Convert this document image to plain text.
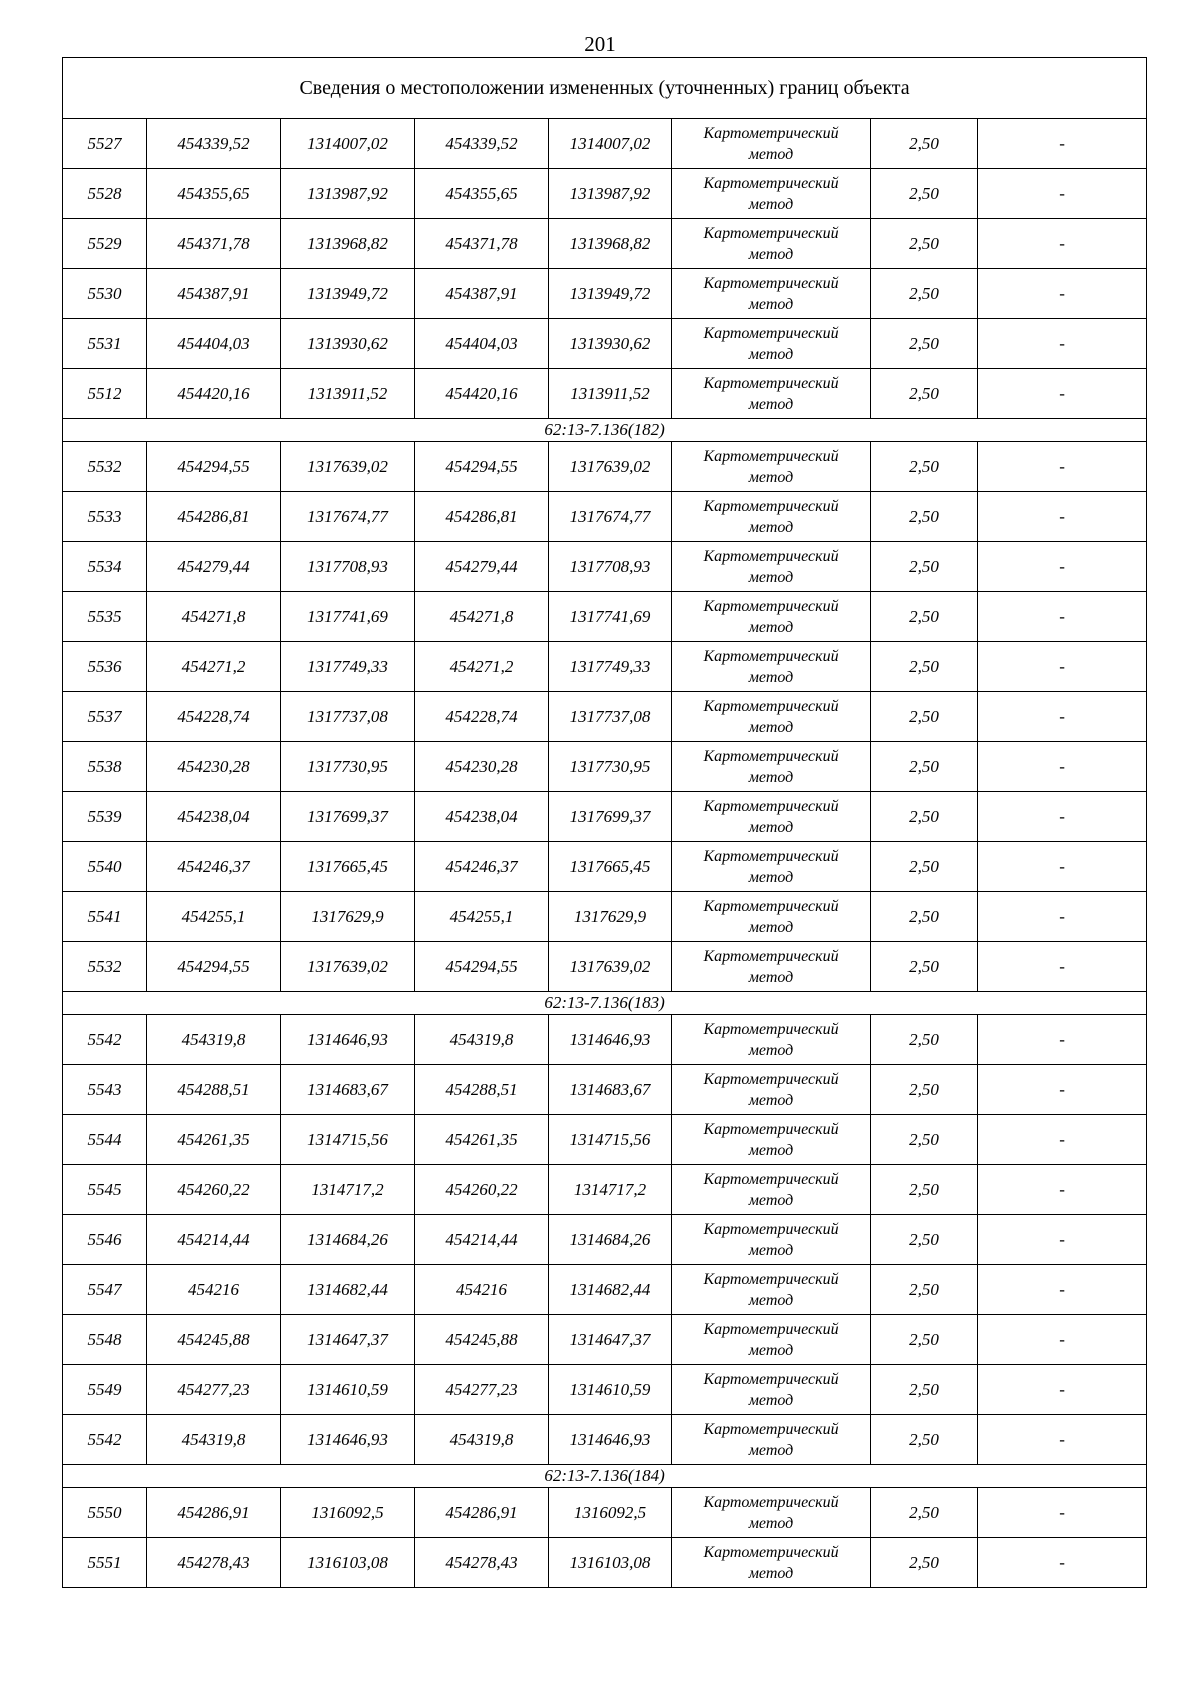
201
Сведения о местоположении измененных (уточненных) границ объекта							
5527	454339,52	1314007,02	454339,52	1314007,02	Картометрический
метод	2,50	-
5528	454355,65	1313987,92	454355,65	1313987,92	Картометрический
метод	2,50	-
5529	454371,78	1313968,82	454371,78	1313968,82	Картометрический
метод	2,50	-
5530	454387,91	1313949,72	454387,91	1313949,72	Картометрический
метод	2,50	-
5531	454404,03	1313930,62	454404,03	1313930,62	Картометрический
метод	2,50	-
5512	454420,16	1313911,52	454420,16	1313911,52	Картометрический
метод	2,50	-
62:13-7.136(182)							
5532	454294,55	1317639,02	454294,55	1317639,02	Картометрический
метод	2,50	-
5533	454286,81	1317674,77	454286,81	1317674,77	Картометрический
метод	2,50	-
5534	454279,44	1317708,93	454279,44	1317708,93	Картометрический
метод	2,50	-
5535	454271,8	1317741,69	454271,8	1317741,69	Картометрический
метод	2,50	-
5536	454271,2	1317749,33	454271,2	1317749,33	Картометрический
метод	2,50	-
5537	454228,74	1317737,08	454228,74	1317737,08	Картометрический
метод	2,50	-
5538	454230,28	1317730,95	454230,28	1317730,95	Картометрический
метод	2,50	-
5539	454238,04	1317699,37	454238,04	1317699,37	Картометрический
метод	2,50	-
5540	454246,37	1317665,45	454246,37	1317665,45	Картометрический
метод	2,50	-
5541	454255,1	1317629,9	454255,1	1317629,9	Картометрический
метод	2,50	-
5532	454294,55	1317639,02	454294,55	1317639,02	Картометрический
метод	2,50	-
62:13-7.136(183)							
5542	454319,8	1314646,93	454319,8	1314646,93	Картометрический
метод	2,50	-
5543	454288,51	1314683,67	454288,51	1314683,67	Картометрический
метод	2,50	-
5544	454261,35	1314715,56	454261,35	1314715,56	Картометрический
метод	2,50	-
5545	454260,22	1314717,2	454260,22	1314717,2	Картометрический
метод	2,50	-
5546	454214,44	1314684,26	454214,44	1314684,26	Картометрический
метод	2,50	-
5547	454216	1314682,44	454216	1314682,44	Картометрический
метод	2,50	-
5548	454245,88	1314647,37	454245,88	1314647,37	Картометрический
метод	2,50	-
5549	454277,23	1314610,59	454277,23	1314610,59	Картометрический
метод	2,50	-
5542	454319,8	1314646,93	454319,8	1314646,93	Картометрический
метод	2,50	-
62:13-7.136(184)							
5550	454286,91	1316092,5	454286,91	1316092,5	Картометрический
метод	2,50	-
5551	454278,43	1316103,08	454278,43	1316103,08	Картометрический
метод	2,50	-
